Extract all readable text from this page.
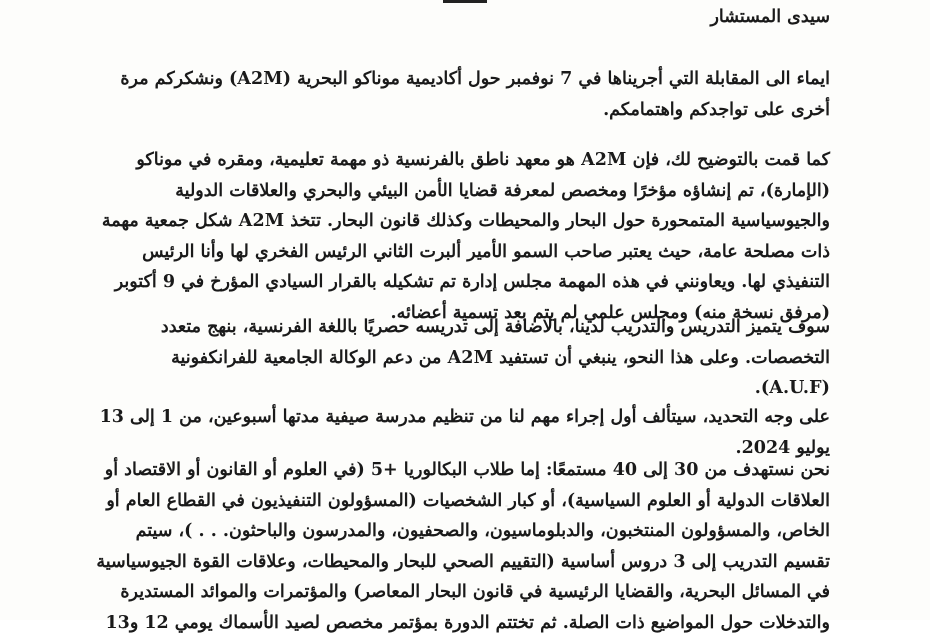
سيدى المستشار
ايماء الى المقابلة التي أجريناها في 7 نوفمبر حول أكاديمية موناكو البحرية (A2M) ونشكركم مرة
أخرى على تواجدكم واهتمامكم.
كما قمت بالتوضيح لك، فإن A2M هو معهد ناطق بالفرنسية ذو مهمة تعليمية، ومقره في موناكو
(الإمارة)، تم إنشاؤه مؤخرًا ومخصص لمعرفة قضايا الأمن البيئي والبحري والعلاقات الدولية
والجيوسياسية المتمحورة حول البحار والمحيطات وكذلك قانون البحار. تتخذ A2M شكل جمعية مهمة
ذات مصلحة عامة، حيث يعتبر صاحب السمو الأمير ألبرت الثاني الرئيس الفخري لها وأنا الرئيس
التنفيذي لها. ويعاونني في هذه المهمة مجلس إدارة تم تشكيله بالقرار السيادي المؤرخ في 9 أكتوبر
(مرفق نسخة منه) ومجلس علمي لم يتم بعد تسمية أعضائه.
سوف يتميز التدريس والتدريب لدينا، بالاضافة إلى تدريسه حصريًا باللغة الفرنسية، بنهج متعدد
التخصصات. وعلى هذا النحو، ينبغي أن تستفيد A2M من دعم الوكالة الجامعية للفرانكفونية
(A.U.F).
على وجه التحديد، سيتألف أول إجراء مهم لنا من تنظيم مدرسة صيفية مدتها أسبوعين، من 1 إلى 13
يوليو 2024.
نحن نستهدف من 30 إلى 40 مستمعًا: إما طلاب البكالوريا +5 (في العلوم أو القانون أو الاقتصاد أو
العلاقات الدولية أو العلوم السياسية)، أو كبار الشخصيات (المسؤولون التنفيذيون في القطاع العام أو
الخاص، والمسؤولون المنتخبون، والدبلوماسيون، والصحفيون، والمدرسون والباحثون. . . )، سيتم
تقسيم التدريب إلى 3 دروس أساسية (التقييم الصحي للبحار والمحيطات، وعلاقات القوة الجيوسياسية
في المسائل البحرية، والقضايا الرئيسية في قانون البحار المعاصر) والمؤتمرات والموائد المستديرة
والتدخلات حول المواضيع ذات الصلة. ثم تختتم الدورة بمؤتمر مخصص لصيد الأسماك يومي 12 و13
